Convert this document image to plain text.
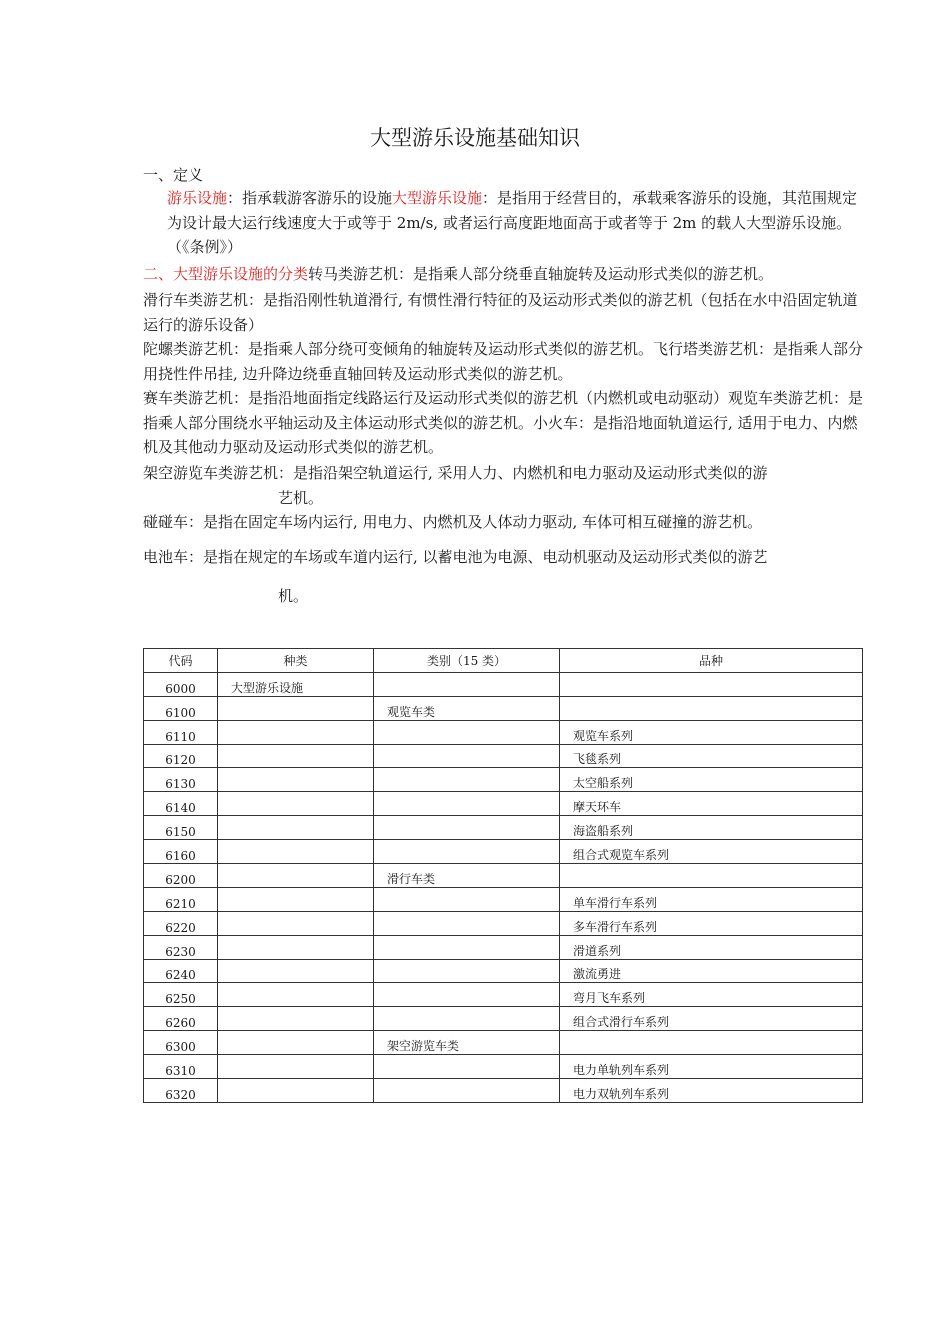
大型游乐设施基础知识
一、定义
游乐设施：指承载游客游乐的设施大型游乐设施：是指用于经营目的，承载乘客游乐的设施，其范围规定为设计最大运行线速度大于或等于 2m/s, 或者运行高度距地面高于或者等于 2m 的载人大型游乐设施。（《条例》）
二、大型游乐设施的分类转马类游艺机：是指乘人部分绕垂直轴旋转及运动形式类似的游艺机。
滑行车类游艺机：是指沿刚性轨道滑行, 有惯性滑行特征的及运动形式类似的游艺机（包括在水中沿固定轨道运行的游乐设备）
陀螺类游艺机：是指乘人部分绕可变倾角的轴旋转及运动形式类似的游艺机。飞行塔类游艺机：是指乘人部分用挠性件吊挂, 边升降边绕垂直轴回转及运动形式类似的游艺机。
赛车类游艺机：是指沿地面指定线路运行及运动形式类似的游艺机（内燃机或电动驱动）观览车类游艺机：是指乘人部分围绕水平轴运动及主体运动形式类似的游艺机。小火车：是指沿地面轨道运行, 适用于电力、内燃机及其他动力驱动及运动形式类似的游艺机。
架空游览车类游艺机：是指沿架空轨道运行, 采用人力、内燃机和电力驱动及运动形式类似的游
艺机。
碰碰车：是指在固定车场内运行, 用电力、内燃机及人体动力驱动, 车体可相互碰撞的游艺机。
电池车：是指在规定的车场或车道内运行, 以蓄电池为电源、电动机驱动及运动形式类似的游艺
机。
代码	种类	类别（15 类）	品种
6000	大型游乐设施		
6100		观览车类	
6110			观览车系列
6120			飞毯系列
6130			太空船系列
6140			摩天环车
6150			海盗船系列
6160			组合式观览车系列
6200		滑行车类	
6210			单车滑行车系列
6220			多车滑行车系列
6230			滑道系列
6240			激流勇进
6250			弯月飞车系列
6260			组合式滑行车系列
6300		架空游览车类	
6310			电力单轨列车系列
6320			电力双轨列车系列
